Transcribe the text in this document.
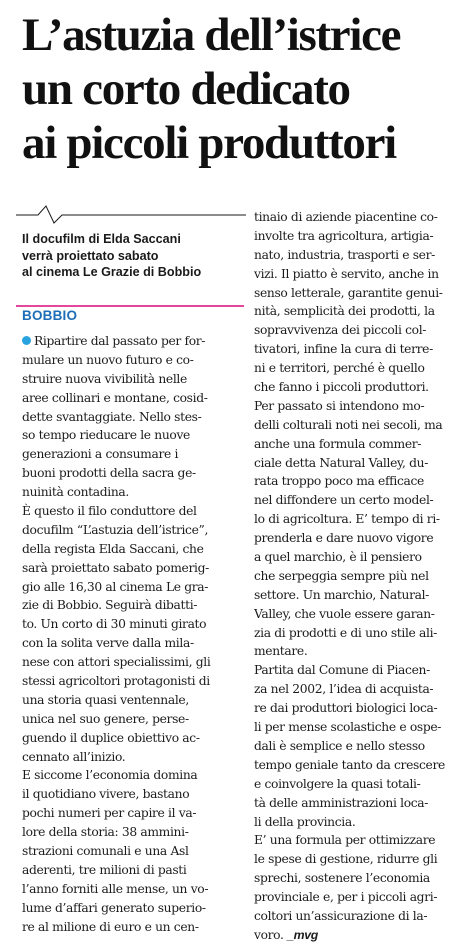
L’astuzia dell’istrice
un corto dedicato
ai piccoli produttori
Il docufilm di Elda Saccani
verrà proiettato sabato
al cinema Le Grazie di Bobbio
BOBBIO
Ripartire dal passato per for-
mulare un nuovo futuro e co-
struire nuova vivibilità nelle
aree collinari e montane, cosid-
dette svantaggiate. Nello stes-
so tempo rieducare le nuove
generazioni a consumare i
buoni prodotti della sacra ge-
nuinità contadina.
È questo il filo conduttore del
docufilm “L’astuzia dell’istrice”,
della regista Elda Saccani, che
sarà proiettato sabato pomerig-
gio alle 16,30 al cinema Le gra-
zie di Bobbio. Seguirà dibatti-
to. Un corto di 30 minuti girato
con la solita verve dalla mila-
nese con attori specialissimi, gli
stessi agricoltori protagonisti di
una storia quasi ventennale,
unica nel suo genere, perse-
guendo il duplice obiettivo ac-
cennato all’inizio.
E siccome l’economia domina
il quotidiano vivere, bastano
pochi numeri per capire il va-
lore della storia: 38 ammini-
strazioni comunali e una Asl
aderenti, tre milioni di pasti
l’anno forniti alle mense, un vo-
lume d’affari generato superio-
re al milione di euro e un cen-
tinaio di aziende piacentine co-
involte tra agricoltura, artigia-
nato, industria, trasporti e ser-
vizi. Il piatto è servito, anche in
senso letterale, garantite genui-
nità, semplicità dei prodotti, la
sopravvivenza dei piccoli col-
tivatori, infine la cura di terre-
ni e territori, perché è quello
che fanno i piccoli produttori.
Per passato si intendono mo-
delli colturali noti nei secoli, ma
anche una formula commer-
ciale detta Natural Valley, du-
rata troppo poco ma efficace
nel diffondere un certo model-
lo di agricoltura. E’ tempo di ri-
prenderla e dare nuovo vigore
a quel marchio, è il pensiero
che serpeggia sempre più nel
settore. Un marchio, Natural-
Valley, che vuole essere garan-
zia di prodotti e di uno stile ali-
mentare.
Partita dal Comune di Piacen-
za nel 2002, l’idea di acquista-
re dai produttori biologici loca-
li per mense scolastiche e ospe-
dali è semplice e nello stesso
tempo geniale tanto da crescere
e coinvolgere la quasi totali-
tà delle amministrazioni loca-
li della provincia.
E’ una formula per ottimizzare
le spese di gestione, ridurre gli
sprechi, sostenere l’economia
provinciale e, per i piccoli agri-
coltori un’assicurazione di la-
voro. _mvg
